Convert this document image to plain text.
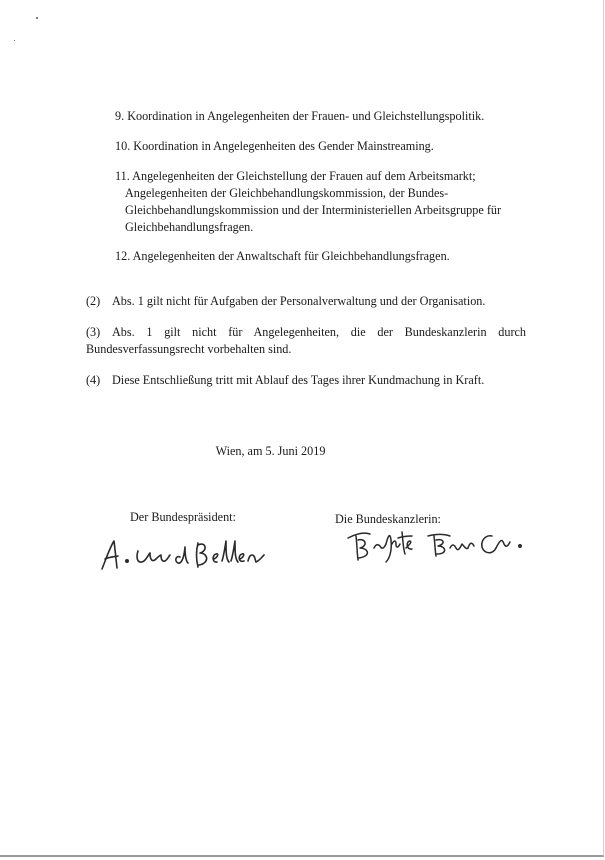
9. Koordination in Angelegenheiten der Frauen- und Gleichstellungspolitik.

10. Koordination in Angelegenheiten des Gender Mainstreaming.

11. Angelegenheiten der Gleichstellung der Frauen auf dem Arbeitsmarkt;
Angelegenheiten der Gleichbehandlungskommission, der Bundes-
Gleichbehandlungskommission und der Interministeriellen Arbeitsgruppe für
Gleichbehandlungsfragen.

12. Angelegenheiten der Anwaltschaft für Gleichbehandlungsfragen.

(2) Abs. 1 gilt nicht für Aufgaben der Personalverwaltung und der Organisation.

(3) Abs. 1 gilt nicht für Angelegenheiten, die der Bundeskanzlerin durch
Bundesverfassungsrecht vorbehalten sind.

(4) Diese Entschließung tritt mit Ablauf des Tages ihrer Kundmachung in Kraft.

Wien, am 5. Juni 2019
Der Bundespräsident:	Die Bundeskanzlerin:
